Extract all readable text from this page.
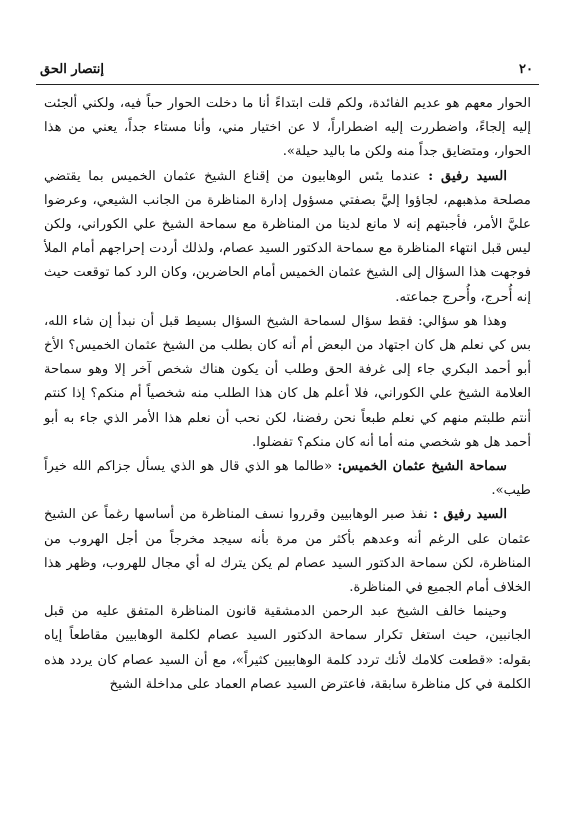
٢٠
إنتصار الحق

الحوار معهم هو عديم الفائدة، ولكم قلت ابتداءً أنا ما دخلت الحوار حباً فيه، ولكني ألجئت إليه إلجاءً، واضطررت إليه اضطراراً، لا عن اختيار مني، وأنا مستاء جداً، يعني من هذا الحوار، ومتضايق جداً منه ولكن ما باليد حيلة».

السيد رفيق : عندما يئس الوهابيون من إقناع الشيخ عثمان الخميس بما يقتضي مصلحة مذهبهم، لجاؤوا إليَّ بصفتي مسؤول إدارة المناظرة من الجانب الشيعي، وعرضوا عليَّ الأمر، فأجبتهم إنه لا مانع لدينا من المناظرة مع سماحة الشيخ علي الكوراني، ولكن ليس قبل انتهاء المناظرة مع سماحة الدكتور السيد عصام، ولذلك أردت إحراجهم أمام الملأ فوجهت هذا السؤال إلى الشيخ عثمان الخميس أمام الحاضرين، وكان الرد كما توقعت حيث إنه أُحرج، وأُحرج جماعته.

وهذا هو سؤالي: فقط سؤال لسماحة الشيخ السؤال بسيط قبل أن نبدأ إن شاء الله، بس كي نعلم هل كان اجتهاد من البعض أم أنه كان بطلب من الشيخ عثمان الخميس؟ الأخ أبو أحمد البكري جاء إلى غرفة الحق وطلب أن يكون هناك شخص آخر إلا وهو سماحة العلامة الشيخ علي الكوراني، فلا أعلم هل كان هذا الطلب منه شخصياً أم منكم؟ إذا كنتم أنتم طلبتم منهم كي نعلم طبعاً نحن رفضنا، لكن نحب أن نعلم هذا الأمر الذي جاء به أبو أحمد هل هو شخصي منه أما أنه كان منكم؟ تفضلوا.

سماحة الشيخ عثمان الخميس: «طالما هو الذي قال هو الذي يسأل جزاكم الله خيراً طيب».

السيد رفيق : نفذ صبر الوهابيين وقرروا نسف المناظرة من أساسها رغماً عن الشيخ عثمان على الرغم أنه وعدهم بأكثر من مرة بأنه سيجد مخرجاً من أجل الهروب من المناظرة، لكن سماحة الدكتور السيد عصام لم يكن يترك له أي مجال للهروب، وظهر هذا الخلاف أمام الجميع في المناظرة.

وحينما خالف الشيخ عبد الرحمن الدمشقية قانون المناظرة المتفق عليه من قبل الجانبين، حيث استغل تكرار سماحة الدكتور السيد عصام لكلمة الوهابيين مقاطعاً إياه بقوله: «قطعت كلامك لأنك تردد كلمة الوهابيين كثيراً»، مع أن السيد عصام كان يردد هذه الكلمة في كل مناظرة سابقة، فاعترض السيد عصام العماد على مداخلة الشيخ
